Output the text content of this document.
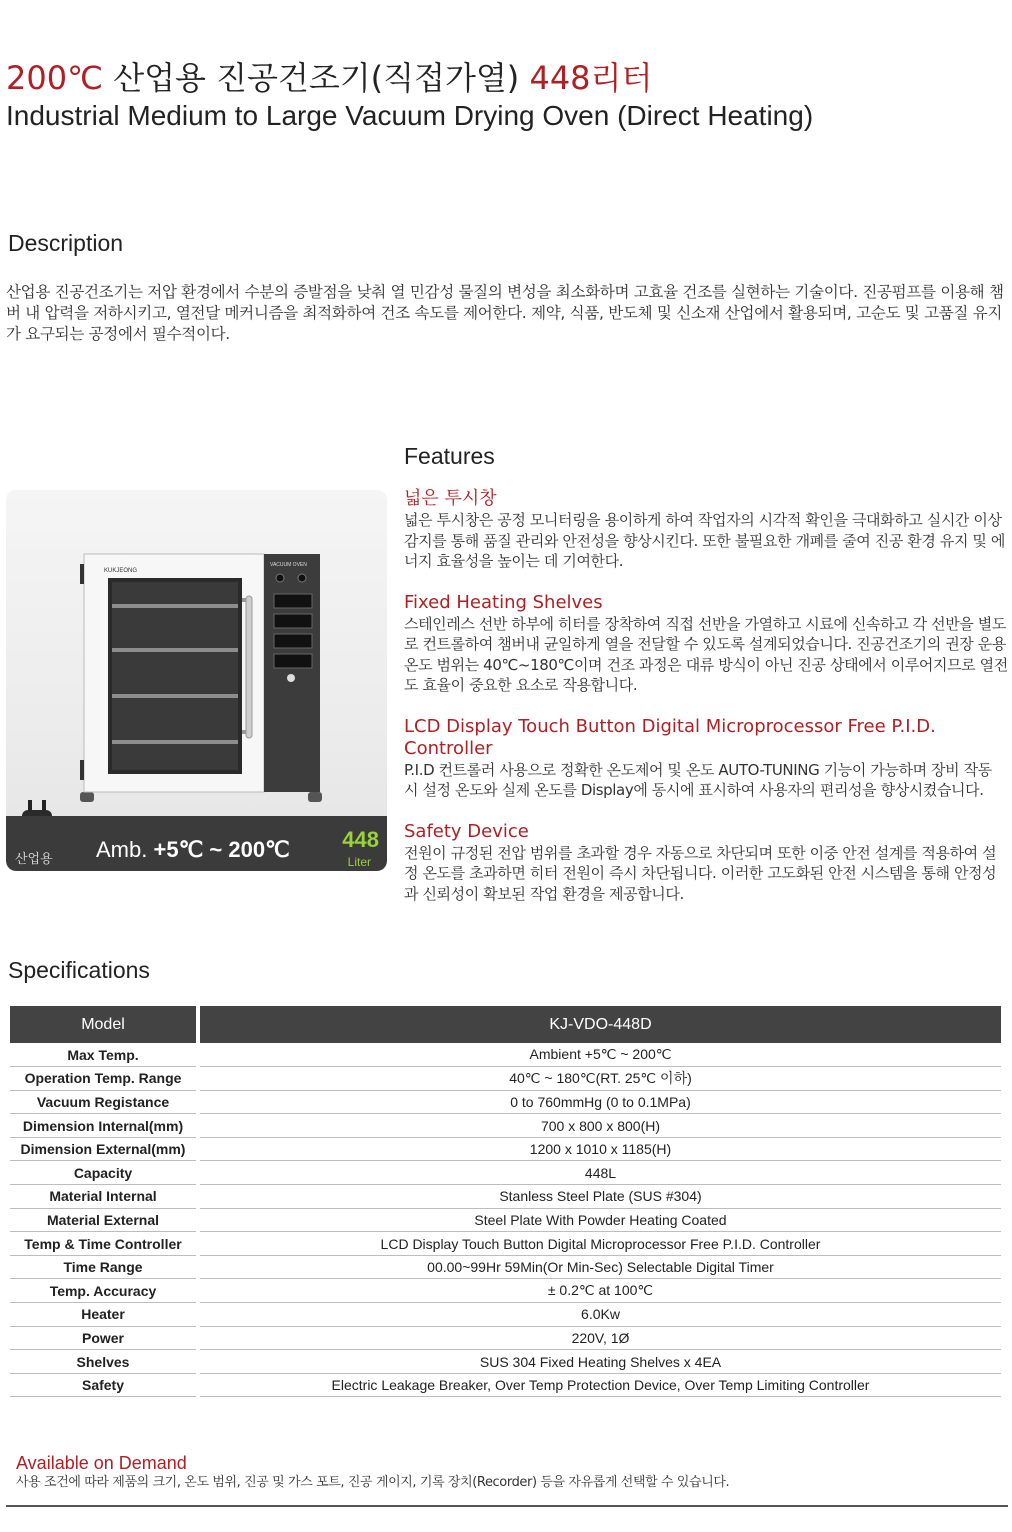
200℃ 산업용 진공건조기(직접가열) 448리터
Industrial Medium to Large Vacuum Drying Oven (Direct Heating)
Description
산업용 진공건조기는 저압 환경에서 수분의 증발점을 낮춰 열 민감성 물질의 변성을 최소화하며 고효율 건조를 실현하는 기술이다. 진공펌프를 이용해 챔버 내 압력을 저하시키고, 열전달 메커니즘을 최적화하여 건조 속도를 제어한다. 제약, 식품, 반도체 및 신소재 산업에서 활용되며, 고순도 및 고품질 유지가 요구되는 공정에서 필수적이다.
KUKJEONG
VACUUM OVEN
산업용 Amb. +5℃ ~ 200℃ 448
Liter
Features
넓은 투시창
넓은 투시창은 공정 모니터링을 용이하게 하여 작업자의 시각적 확인을 극대화하고 실시간 이상 감지를 통해 품질 관리와 안전성을 향상시킨다. 또한 불필요한 개폐를 줄여 진공 환경 유지 및 에너지 효율성을 높이는 데 기여한다.
Fixed Heating Shelves
스테인레스 선반 하부에 히터를 장착하여 직접 선반을 가열하고 시료에 신속하고 각 선반을 별도로 컨트롤하여 챔버내 균일하게 열을 전달할 수 있도록 설계되었습니다. 진공건조기의 권장 운용 온도 범위는 40℃~180℃이며 건조 과정은 대류 방식이 아닌 진공 상태에서 이루어지므로 열전도 효율이 중요한 요소로 작용합니다.
LCD Display Touch Button Digital Microprocessor Free P.I.D. Controller
P.I.D 컨트롤러 사용으로 정확한 온도제어 및 온도 AUTO-TUNING 기능이 가능하며 장비 작동 시 설정 온도와 실제 온도를 Display에 동시에 표시하여 사용자의 편리성을 향상시켰습니다.
Safety Device
전원이 규정된 전압 범위를 초과할 경우 자동으로 차단되며 또한 이중 안전 설계를 적용하여 설정 온도를 초과하면 히터 전원이 즉시 차단됩니다. 이러한 고도화된 안전 시스템을 통해 안정성과 신뢰성이 확보된 작업 환경을 제공합니다.
Specifications
Model	KJ-VDO-448D
Max Temp.	Ambient +5℃ ~ 200℃
Operation Temp. Range	40℃ ~ 180℃(RT. 25℃ 이하)
Vacuum Registance	0 to 760mmHg (0 to 0.1MPa)
Dimension Internal(mm)	700 x 800 x 800(H)
Dimension External(mm)	1200 x 1010 x 1185(H)
Capacity	448L
Material Internal	Stanless Steel Plate (SUS #304)
Material External	Steel Plate With Powder Heating Coated
Temp & Time Controller	LCD Display Touch Button Digital Microprocessor Free P.I.D. Controller
Time Range	00.00~99Hr 59Min(Or Min-Sec) Selectable Digital Timer
Temp. Accuracy	± 0.2℃ at 100℃
Heater	6.0Kw
Power	220V, 1Ø
Shelves	SUS 304 Fixed Heating Shelves x 4EA
Safety	Electric Leakage Breaker, Over Temp Protection Device, Over Temp Limiting Controller
Available on Demand
사용 조건에 따라 제품의 크기, 온도 범위, 진공 및 가스 포트, 진공 게이지, 기록 장치(Recorder) 등을 자유롭게 선택할 수 있습니다.
